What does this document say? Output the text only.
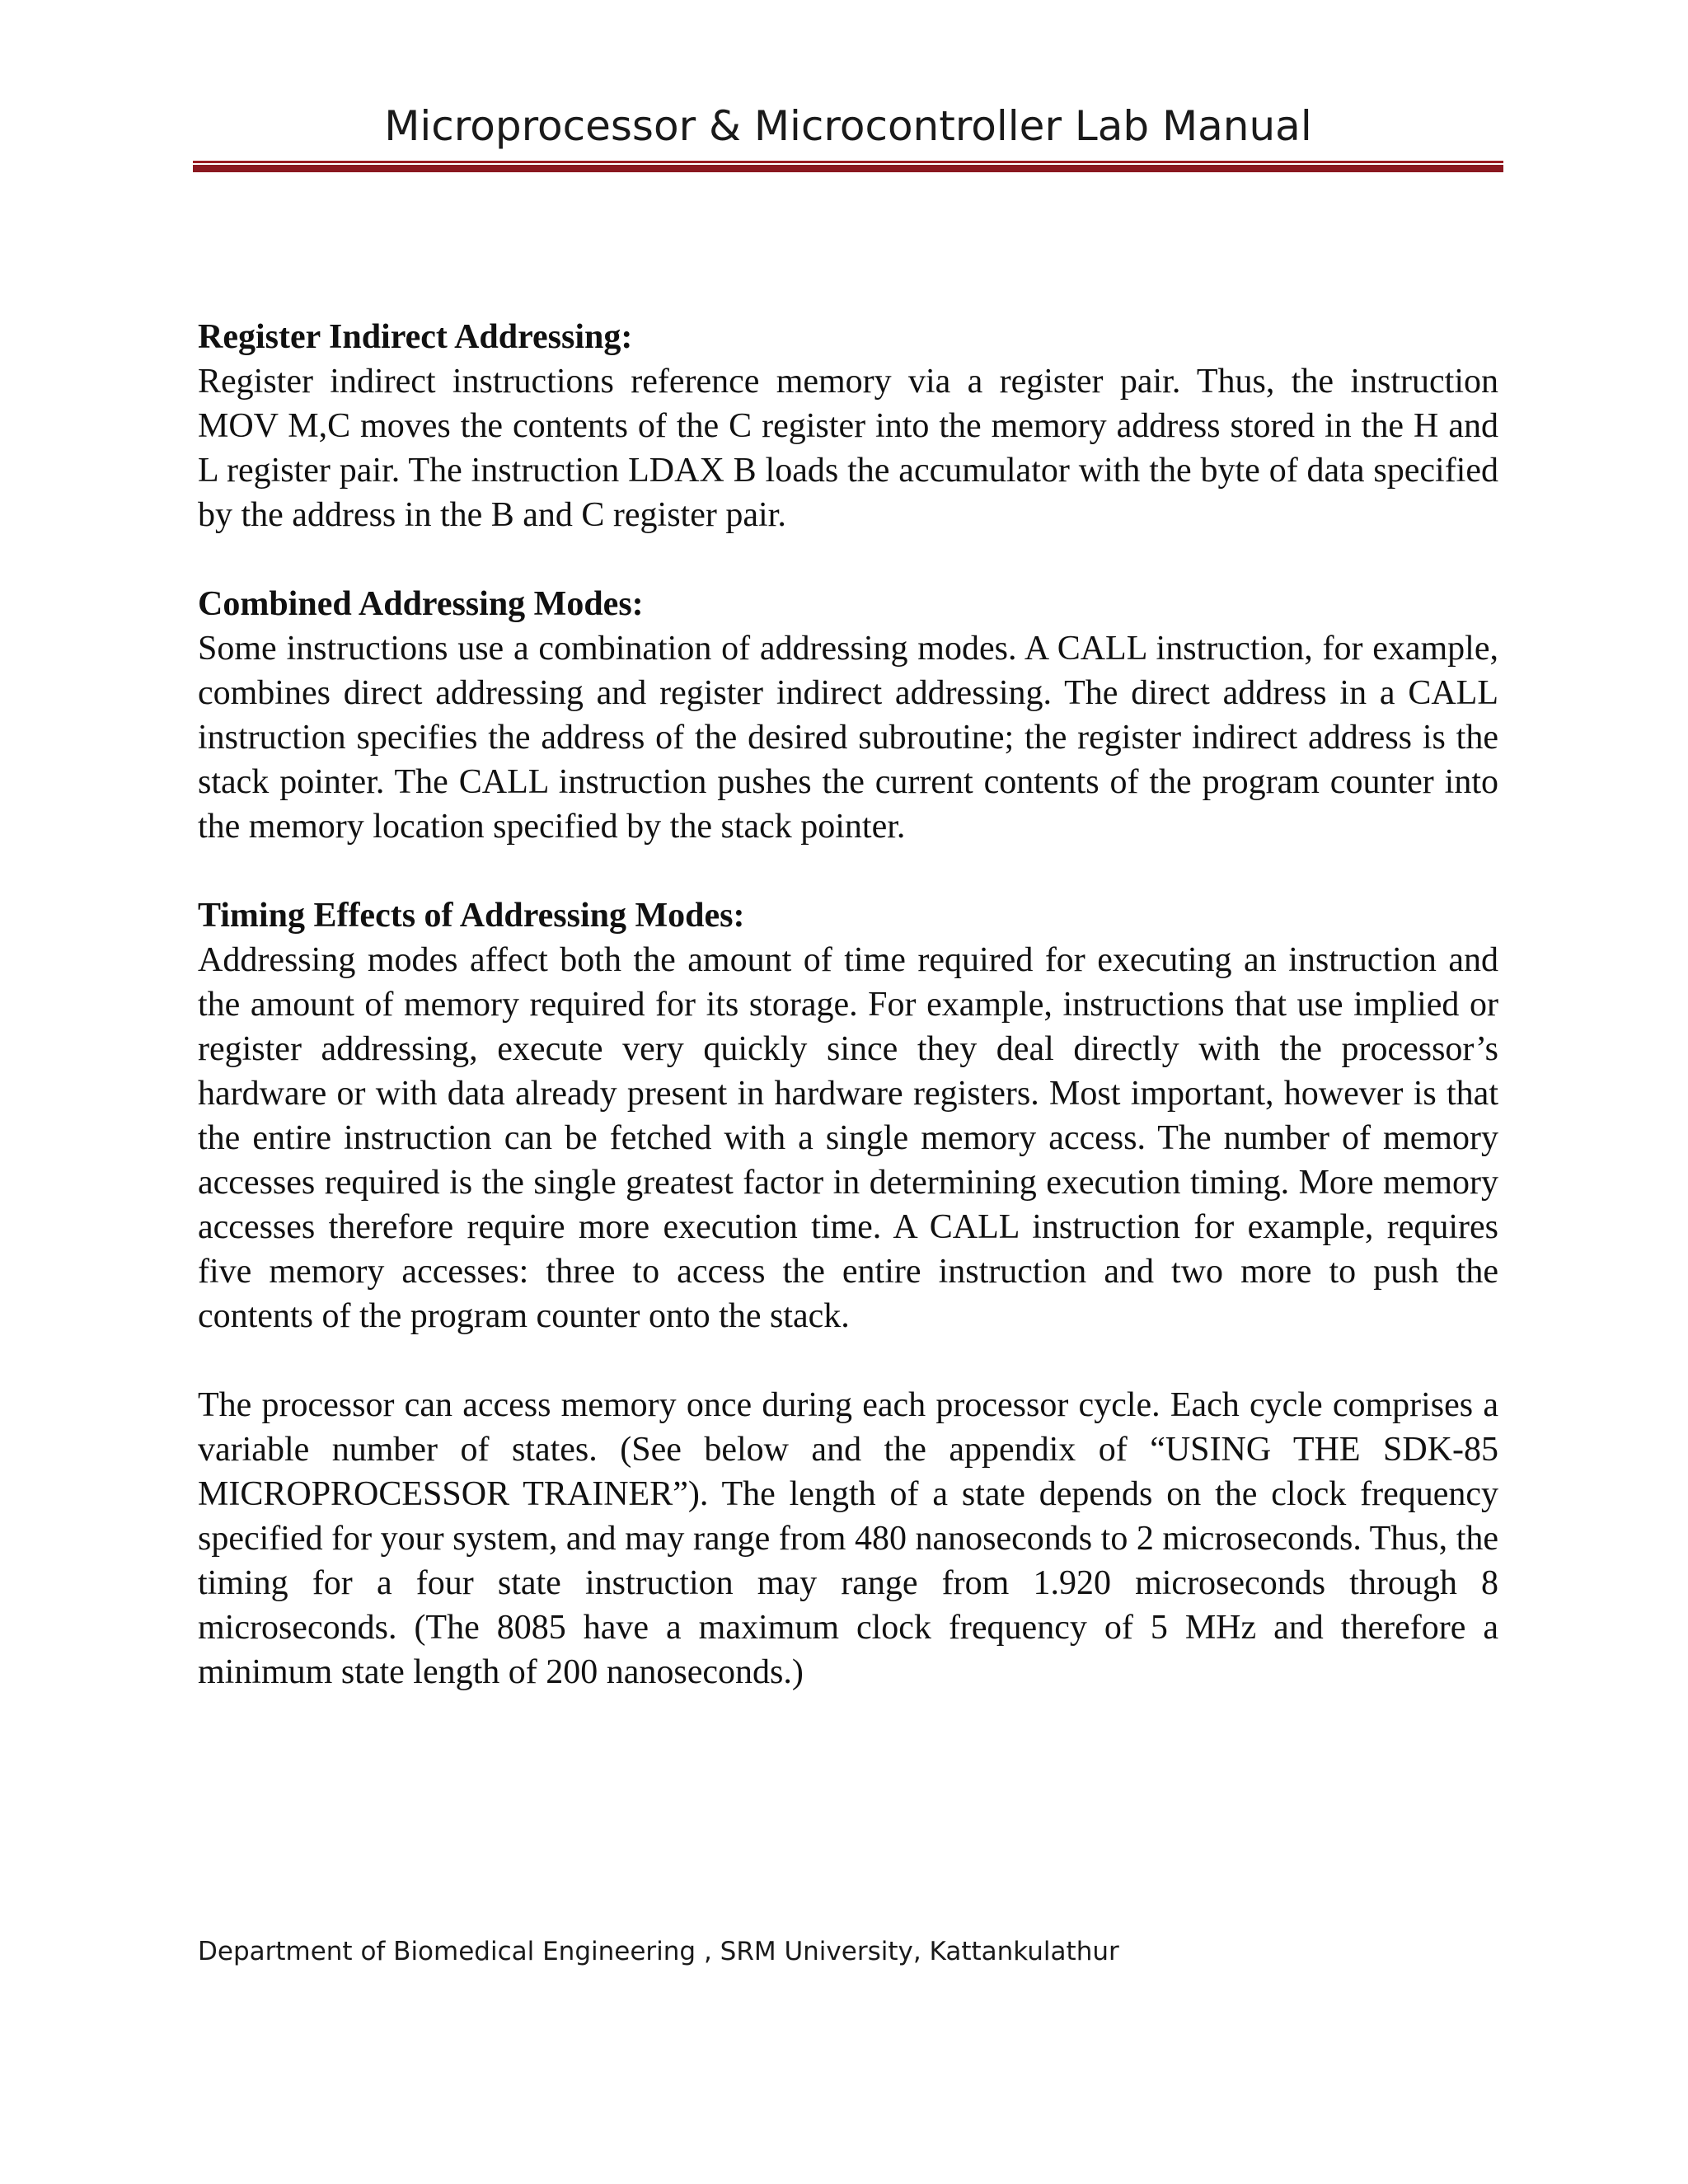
Microprocessor & Microcontroller Lab Manual
Register Indirect Addressing:

Register indirect instructions reference memory via a register pair. Thus, the instruction MOV M,C moves the contents of the C register into the memory address stored in the H and L register pair. The instruction LDAX B loads the accumulator with the byte of data specified by the address in the B and C register pair.

Combined Addressing Modes:

Some instructions use a combination of addressing modes. A CALL instruction, for example, combines direct addressing and register indirect addressing. The direct address in a CALL instruction specifies the address of the desired subroutine; the register indirect address is the stack pointer. The CALL instruction pushes the current contents of the program counter into the memory location specified by the stack pointer.

Timing Effects of Addressing Modes:

Addressing modes affect both the amount of time required for executing an instruction and the amount of memory required for its storage. For example, instructions that use implied or register addressing, execute very quickly since they deal directly with the processor’s hardware or with data already present in hardware registers. Most important, however is that the entire instruction can be fetched with a single memory access. The number of memory accesses required is the single greatest factor in determining execution timing. More memory accesses therefore require more execution time. A CALL instruction for example, requires five memory accesses: three to access the entire instruction and two more to push the contents of the program counter onto the stack.

The processor can access memory once during each processor cycle. Each cycle comprises a variable number of states. (See below and the appendix of “USING THE SDK-85 MICROPROCESSOR TRAINER”). The length of a state depends on the clock frequency specified for your system, and may range from 480 nanoseconds to 2 microseconds. Thus, the timing for a four state instruction may range from 1.920 microseconds through 8 microseconds. (The 8085 have a maximum clock frequency of 5 MHz and therefore a minimum state length of 200 nanoseconds.)

Department of Biomedical Engineering , SRM University, Kattankulathur
